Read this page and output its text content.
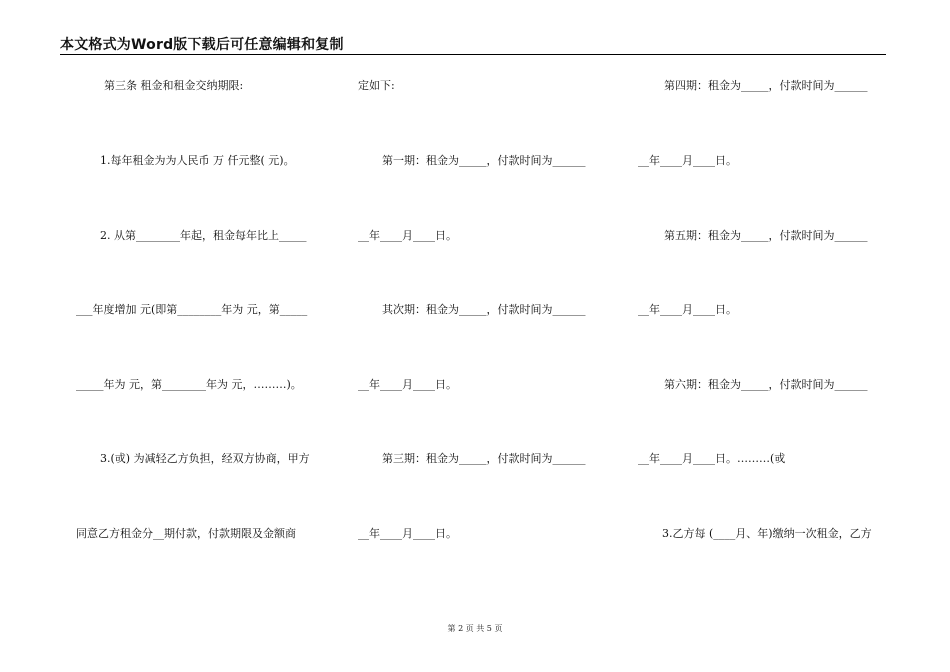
本文格式为Word版下载后可任意编辑和复制
第三条 租金和租金交纳期限:
1.每年租金为为人民币 万 仟元整( 元)。
2. 从第________年起，租金每年比上_____
___年度增加 元(即第________年为 元，第_____
_____年为 元，第________年为 元，………)。
3.(戓) 为减轻乙方负担，经双方协商，甲方
同意乙方租金分__期付款，付款期限及金额商
定如下:
第一期：租金为_____，付款时间为______
__年____月____日。
其次期：租金为_____，付款时间为______
__年____月____日。
第三期：租金为_____，付款时间为______
__年____月____日。
第四期：租金为_____，付款时间为______
__年____月____日。
第五期：租金为_____，付款时间为______
__年____月____日。
第六期：租金为_____，付款时间为______
__年____月____日。………(戓
3.乙方每 (____月、年)缴纳一次租金，乙方
第 2 页 共 5 页
